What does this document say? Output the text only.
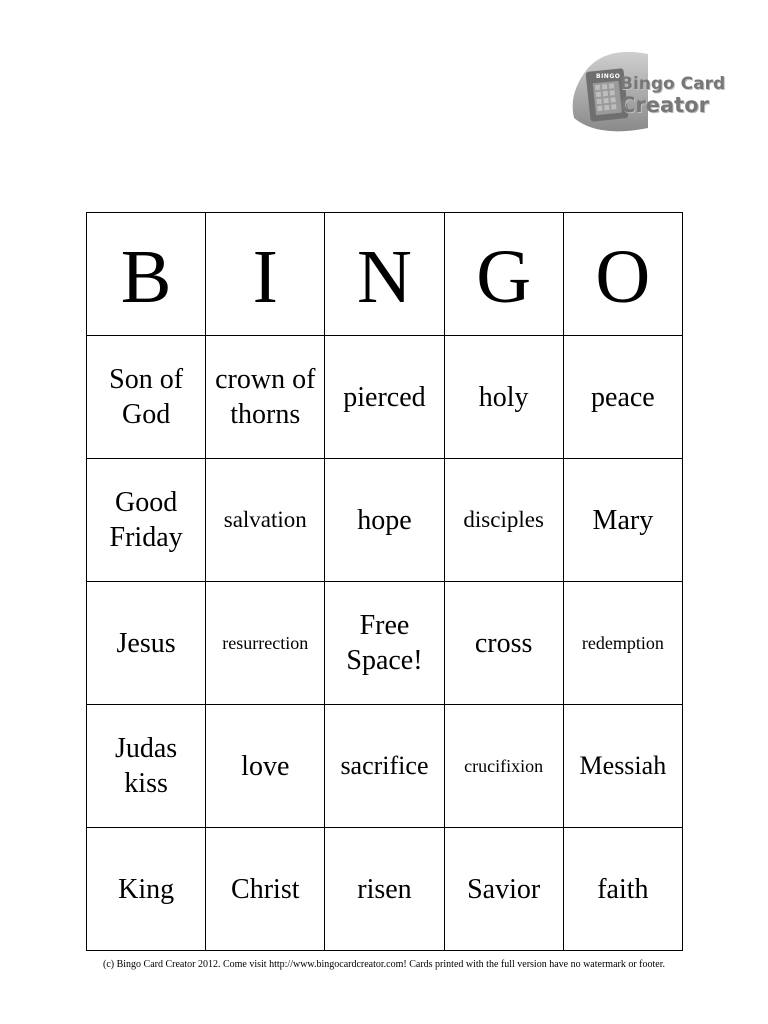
BINGO Bingo Card
Creator
B	I	N	G	O
Son of God	crown of thorns	pierced	holy	peace
Good Friday	salvation	hope	disciples	Mary
Jesus	resurrection	Free Space!	cross	redemption
Judas kiss	love	sacrifice	crucifixion	Messiah
King	Christ	risen	Savior	faith
(c) Bingo Card Creator 2012. Come visit http://www.bingocardcreator.com! Cards printed with the full version have no watermark or footer.
